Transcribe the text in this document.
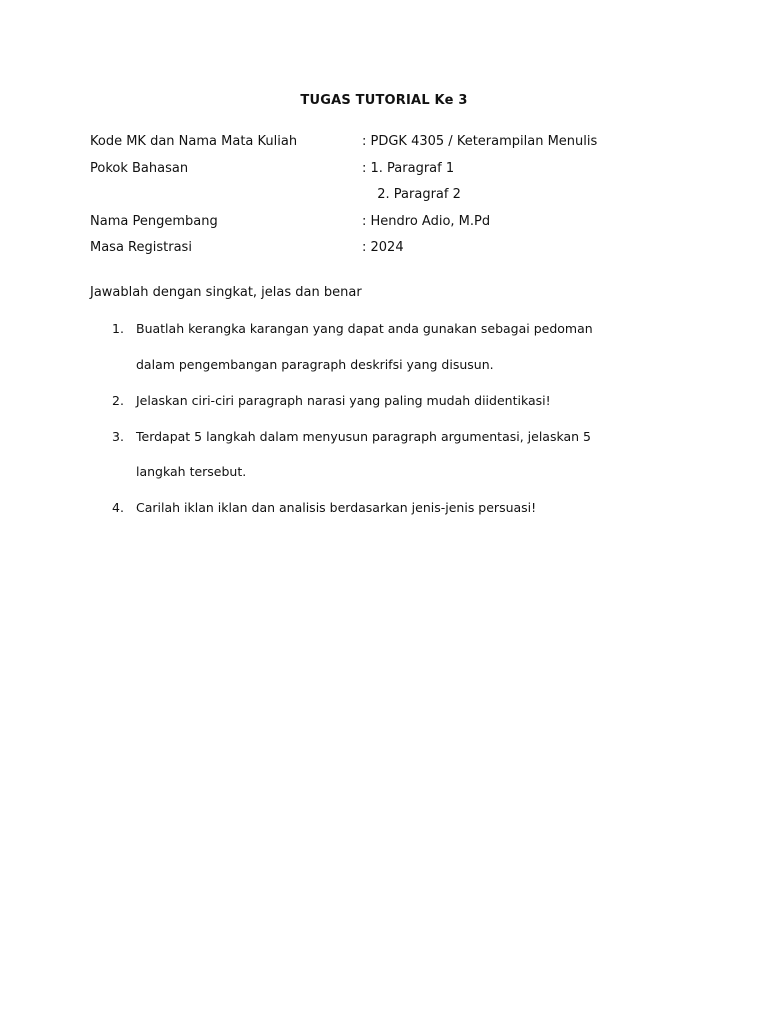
TUGAS TUTORIAL Ke 3
Kode MK dan Nama Mata Kuliah	: PDGK 4305 / Keterampilan Menulis
Pokok Bahasan	: 1. Paragraf 1
2. Paragraf 2
Nama Pengembang	: Hendro Adio, M.Pd
Masa Registrasi	: 2024
Jawablah dengan singkat, jelas dan benar
1. Buatlah kerangka karangan yang dapat anda gunakan sebagai pedoman
dalam pengembangan paragraph deskrifsi yang disusun.
2. Jelaskan ciri-ciri paragraph narasi yang paling mudah diidentikasi!
3. Terdapat 5 langkah dalam menyusun paragraph argumentasi, jelaskan 5
langkah tersebut.
4. Carilah iklan iklan dan analisis berdasarkan jenis-jenis persuasi!
